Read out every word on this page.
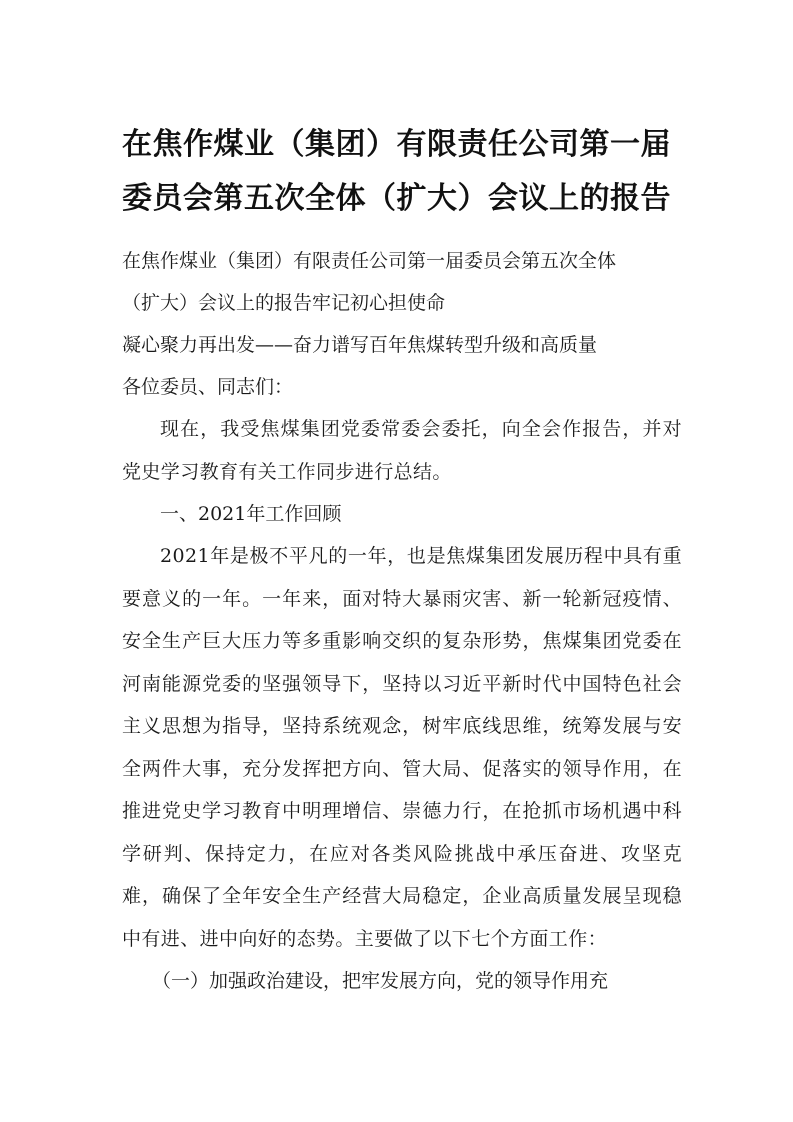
在焦作煤业（集团）有限责任公司第一届委员会第五次全体（扩大）会议上的报告

在焦作煤业（集团）有限责任公司第一届委员会第五次全体

（扩大）会议上的报告牢记初心担使命

凝心聚力再出发——奋力谱写百年焦煤转型升级和高质量

各位委员、同志们：

现在，我受焦煤集团党委常委会委托，向全会作报告，并对党史学习教育有关工作同步进行总结。

一、2021年工作回顾

2021年是极不平凡的一年，也是焦煤集团发展历程中具有重要意义的一年。一年来，面对特大暴雨灾害、新一轮新冠疫情、安全生产巨大压力等多重影响交织的复杂形势，焦煤集团党委在河南能源党委的坚强领导下，坚持以习近平新时代中国特色社会主义思想为指导，坚持系统观念，树牢底线思维，统筹发展与安全两件大事，充分发挥把方向、管大局、促落实的领导作用，在推进党史学习教育中明理增信、崇德力行，在抢抓市场机遇中科学研判、保持定力，在应对各类风险挑战中承压奋进、攻坚克难，确保了全年安全生产经营大局稳定，企业高质量发展呈现稳中有进、进中向好的态势。主要做了以下七个方面工作：

（一）加强政治建设，把牢发展方向，党的领导作用充
